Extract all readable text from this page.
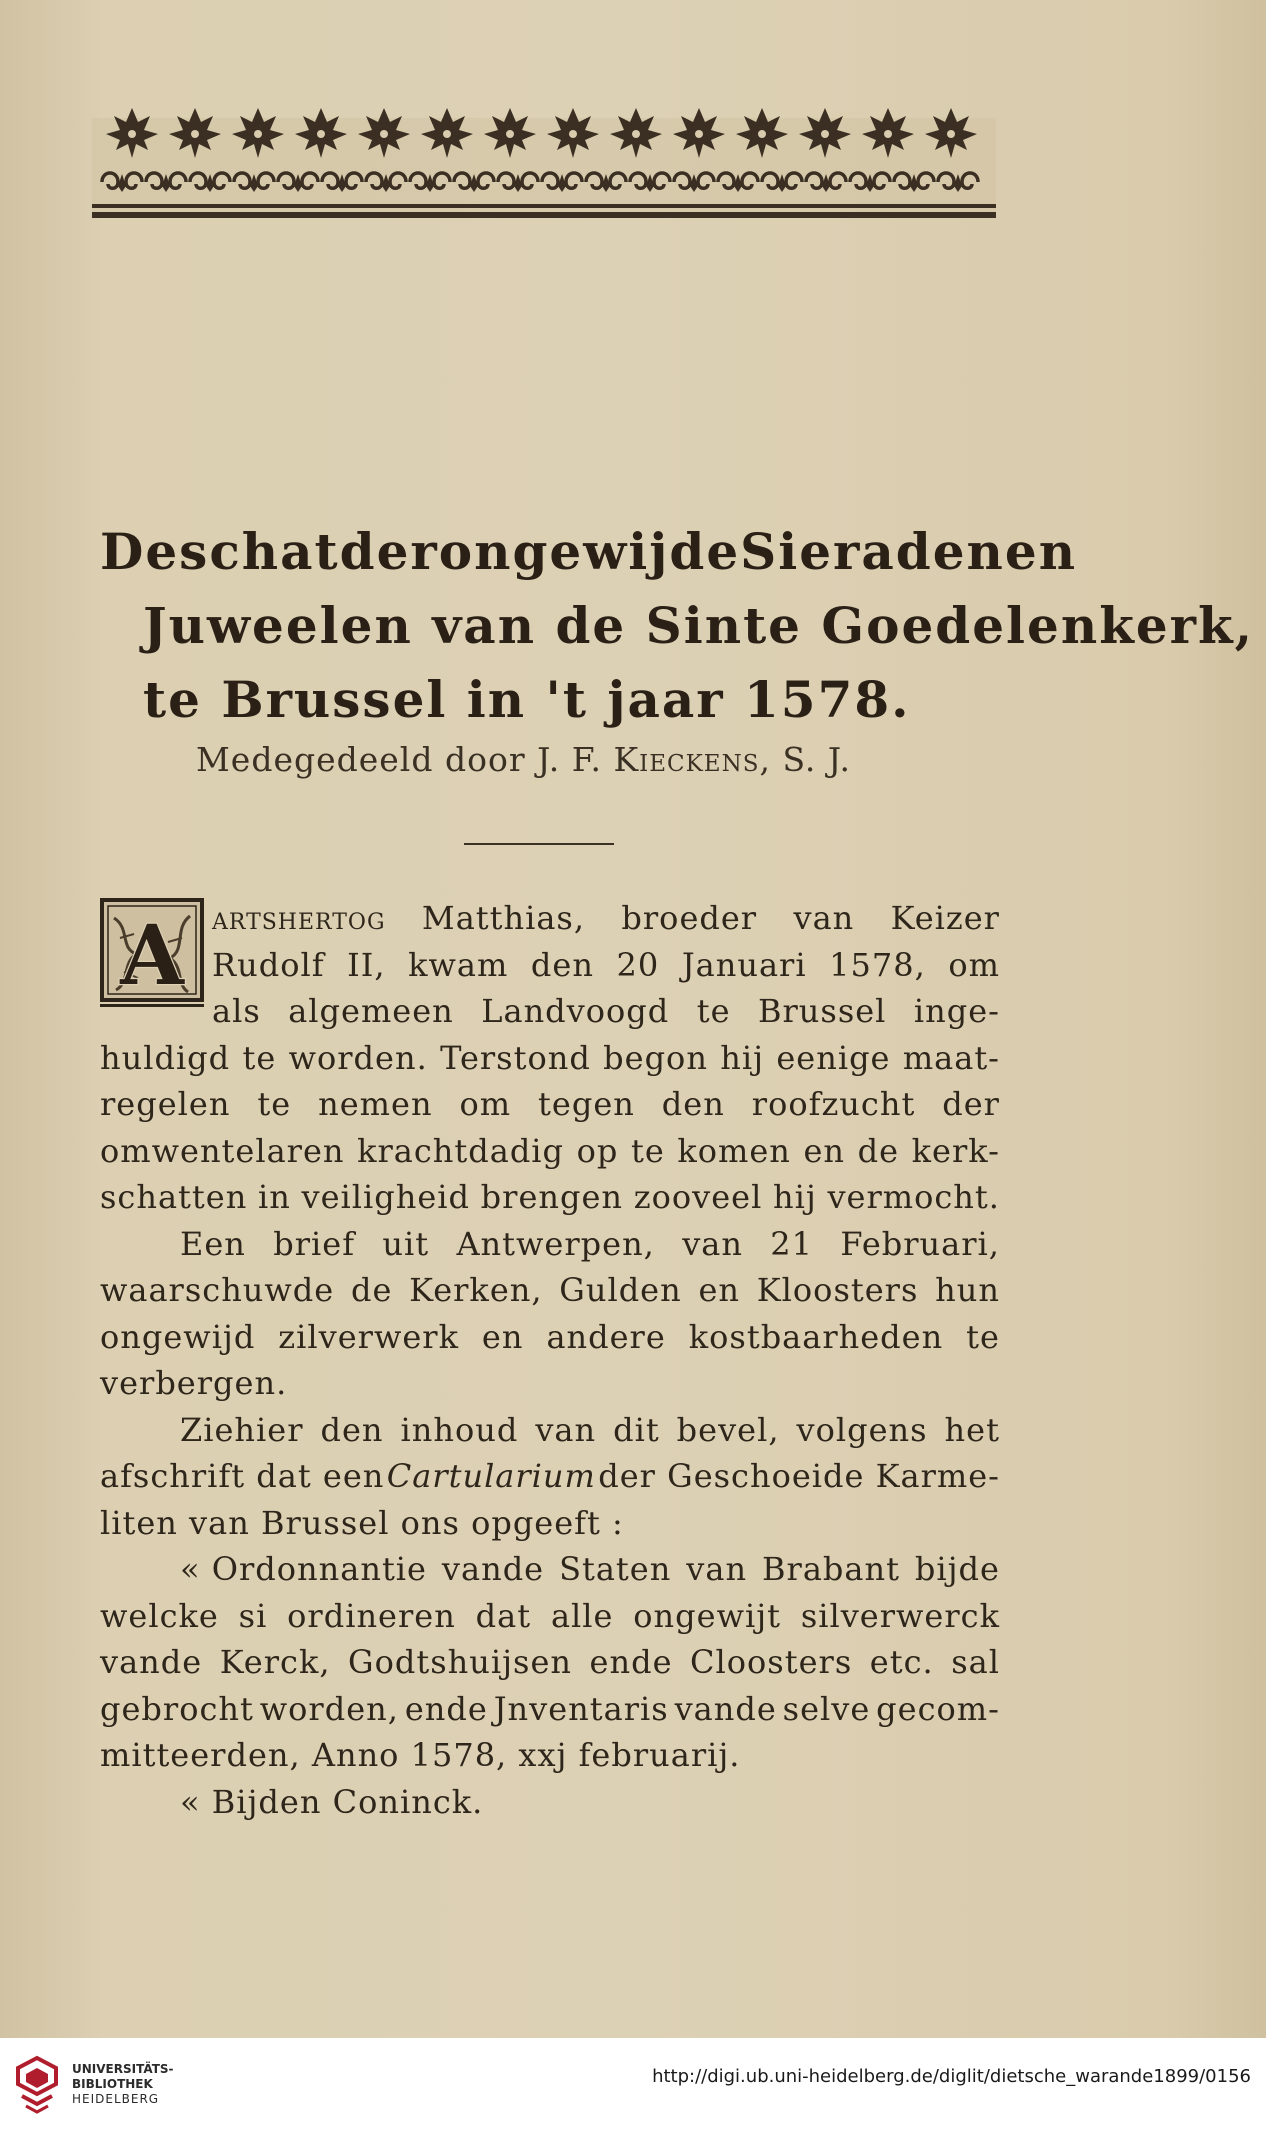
De schat der ongewijde Sieraden en
Juweelen van de Sinte Goedelenkerk,
te Brussel in 't jaar 1578.
Medegedeeld door J. F. Kieckens, S. J.
A artshertog Matthias, broeder van Keizer
Rudolf II, kwam den 20 Januari 1578, om
als algemeen Landvoogd te Brussel inge-
huldigd te worden. Terstond begon hij eenige maat-
regelen te nemen om tegen den roofzucht der
omwentelaren krachtdadig op te komen en de kerk-
schatten in veiligheid brengen zooveel hij vermocht.

Een brief uit Antwerpen, van 21 Februari,
waarschuwde de Kerken, Gulden en Kloosters hun
ongewijd zilverwerk en andere kostbaarheden te
verbergen.

Ziehier den inhoud van dit bevel, volgens het
afschrift dat een Cartularium der Geschoeide Karme-
liten van Brussel ons opgeeft :

« Ordonnantie vande Staten van Brabant bijde
welcke si ordineren dat alle ongewijt silverwerck
vande Kerck, Godtshuijsen ende Cloosters etc. sal
gebrocht worden, ende Jnventaris vande selve gecom-
mitteerden, Anno 1578, xxj februarij.

« Bijden Coninck.

UNIVERSITÄTS-
BIBLIOTHEK
HEIDELBERG
http://digi.ub.uni-heidelberg.de/diglit/dietsche_warande1899/0156
